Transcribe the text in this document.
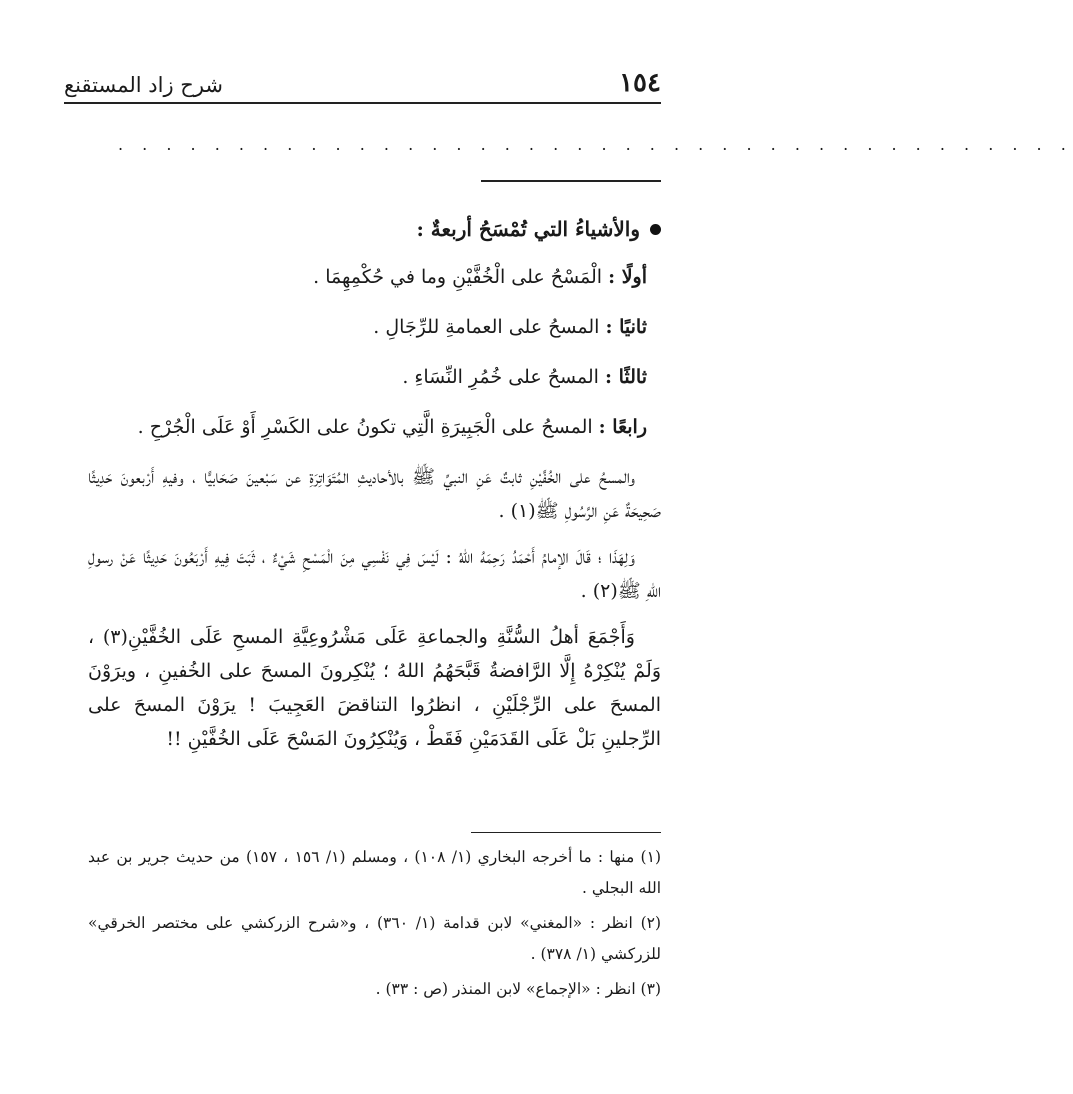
شرح زاد المستقنع	١٥٤
. . . . . . . . . . . . . . . . . . . . . . . . . . . . . . . . . . . . . . . .
والأشياءُ التي تُمْسَحُ أربعةٌ :
أولًا :الْمَسْحُ على الْخُفَّيْنِ وما في حُكْمِهِمَا .
ثانيًا :المسحُ على العمامةِ للرِّجَالِ .
ثالثًا :المسحُ على خُمُرِ النِّسَاءِ .
رابعًا :المسحُ على الْجَبِيرَةِ الَّتِي تكونُ على الكَسْرِ أَوْ عَلَى الْجُرْحِ .

والمسحُ على الخُفَّيْنِ ثابتٌ عَنِ النبيِّ ﷺ بالأحاديثِ المُتَوَاتِرَةِ عن سَبْعينَ صَحَابيًّا ، وفيهِ أَرْبعونَ حَدِيثًا صَحِيحَةٌ عَنِ الرَّسُولِ ﷺ(١) .

وَلِهَذَا ؛ قَالَ الإمامُ أَحْمَدُ رَحِمَهُ اللهُ : لَيْسَ فِي نَفْسِي مِنَ الْمَسْحِ شَيْءٌ ، ثَبَتَ فِيهِ أَرْبَعُونَ حَدِيثًا عَنْ رسولِ اللهِ ﷺ(٢) .

وَأَجْمَعَ أهلُ السُّنَّةِ والجماعةِ عَلَى مَشْرُوعِيَّةِ المسحِ عَلَى الخُفَّيْنِ(٣) ، وَلَمْ يُنْكِرْهُ إِلَّا الرَّافضةُ قَبَّحَهُمُ اللهُ ؛ يُنْكِرونَ المسحَ على الخُفينِ ، ويرَوْنَ المسحَ على الرِّجْلَيْنِ ، انظرُوا التناقضَ العَجِيبَ ! يرَوْنَ المسحَ على الرِّجلينِ بَلْ عَلَى القَدَمَيْنِ فَقَطْ ، وَيُنْكِرُونَ المَسْحَ عَلَى الخُفَّيْنِ !!

(١) منها : ما أخرجه البخاري (١/ ١٠٨) ، ومسلم (١/ ١٥٦ ، ١٥٧) من حديث جرير بن عبد الله البجلي .

(٢) انظر : «المغني» لابن قدامة (١/ ٣٦٠) ، و«شرح الزركشي على مختصر الخرقي» للزركشي (١/ ٣٧٨) .

(٣) انظر : «الإجماع» لابن المنذر (ص : ٣٣) .
